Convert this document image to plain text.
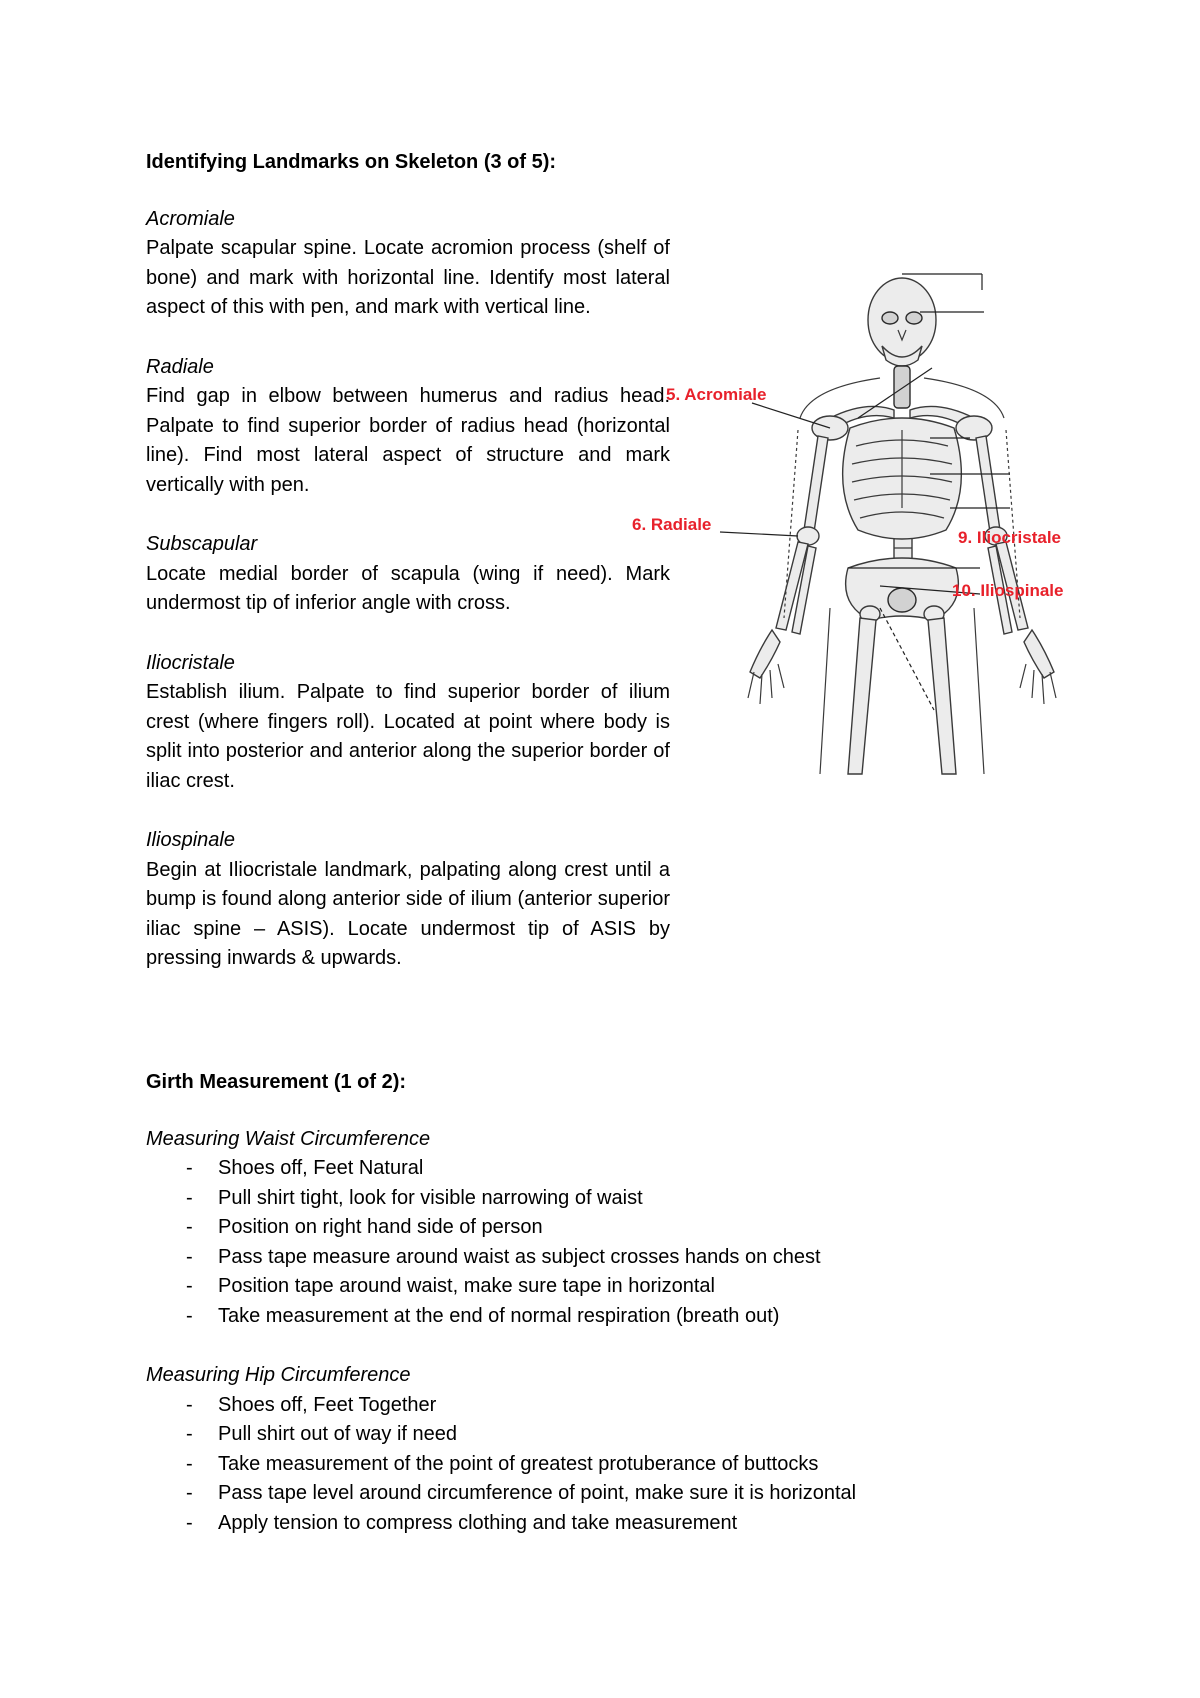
Identifying Landmarks on Skeleton (3 of 5):
Acromiale
Palpate scapular spine. Locate acromion process (shelf of bone) and mark with horizontal line. Identify most lateral aspect of this with pen, and mark with vertical line.
Radiale
Find gap in elbow between humerus and radius head. Palpate to find superior border of radius head (horizontal line). Find most lateral aspect of structure and mark vertically with pen.
Subscapular
Locate medial border of scapula (wing if need). Mark undermost tip of inferior angle with cross.
Iliocristale
Establish ilium. Palpate to find superior border of ilium crest (where fingers roll). Located at point where body is split into posterior and anterior along the superior border of iliac crest.
Iliospinale
Begin at Iliocristale landmark, palpating along crest until a bump is found along anterior side of ilium (anterior superior iliac spine – ASIS). Locate undermost tip of ASIS by pressing inwards & upwards.
Girth Measurement (1 of 2):
Measuring Waist Circumference
- Shoes off, Feet Natural
- Pull shirt tight, look for visible narrowing of waist
- Position on right hand side of person
- Pass tape measure around waist as subject crosses hands on chest
- Position tape around waist, make sure tape in horizontal
- Take measurement at the end of normal respiration (breath out)
Measuring Hip Circumference
- Shoes off, Feet Together
- Pull shirt out of way if need
- Take measurement of the point of greatest protuberance of buttocks
- Pass tape level around circumference of point, make sure it is horizontal
- Apply tension to compress clothing and take measurement
5. Acromiale
6. Radiale
9. Iliocristale
10. Iliospinale
